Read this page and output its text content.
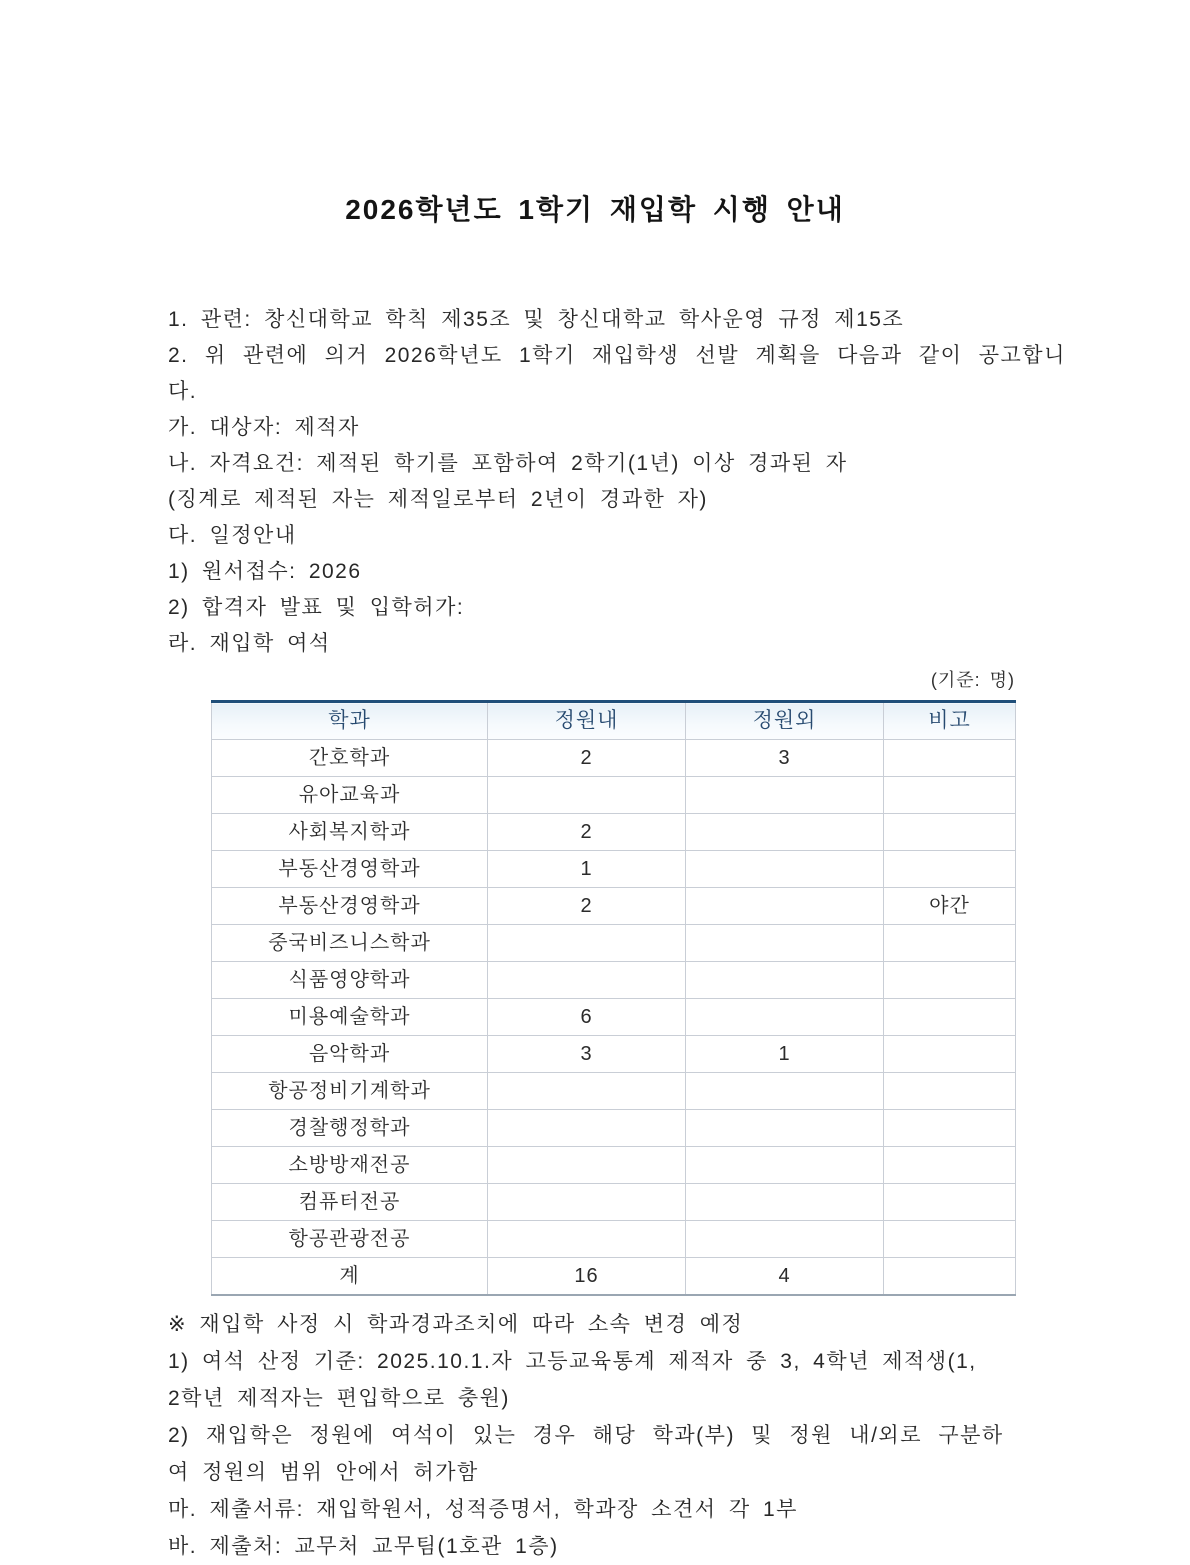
2026학년도 1학기 재입학 시행 안내

1. 관련: 창신대학교 학칙 제35조 및 창신대학교 학사운영 규정 제15조

2. 위 관련에 의거 2026학년도 1학기 재입학생 선발 계획을 다음과 같이 공고합니다.

가. 대상자: 제적자

나. 자격요건: 제적된 학기를 포함하여 2학기(1년) 이상 경과된 자

(징계로 제적된 자는 제적일로부터 2년이 경과한 자)

다. 일정안내

1) 원서접수: 2026

2) 합격자 발표 및 입학허가:

라. 재입학 여석

(기준: 명)
학과	정원내	정원외	비고
간호학과	2	3	
유아교육과			
사회복지학과	2		
부동산경영학과	1		
부동산경영학과	2		야간
중국비즈니스학과			
식품영양학과			
미용예술학과	6		
음악학과	3	1	
항공정비기계학과			
경찰행정학과			
소방방재전공			
컴퓨터전공			
항공관광전공			
계	16	4	

※ 재입학 사정 시 학과경과조치에 따라 소속 변경 예정

1) 여석 산정 기준: 2025.10.1.자 고등교육통계 제적자 중 3, 4학년 제적생(1,

2학년 제적자는 편입학으로 충원)

2) 재입학은 정원에 여석이 있는 경우 해당 학과(부) 및 정원 내/외로 구분하

여 정원의 범위 안에서 허가함

마. 제출서류: 재입학원서, 성적증명서, 학과장 소견서 각 1부

바. 제출처: 교무처 교무팀(1호관 1층)
